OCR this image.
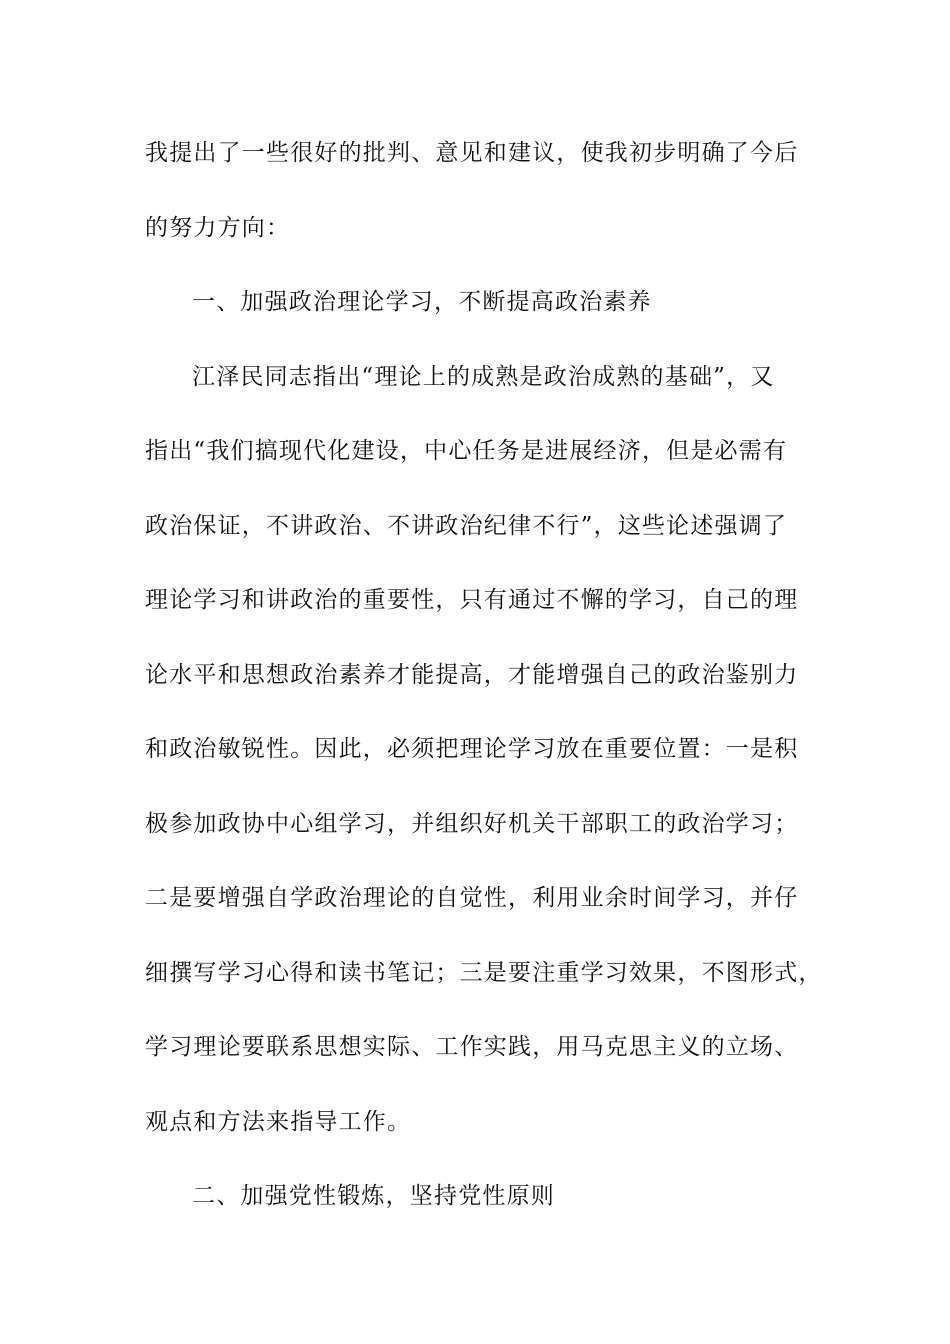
我提出了一些很好的批判、意见和建议，使我初步明确了今后
的努力方向：
一、加强政治理论学习，不断提高政治素养
江泽民同志指出“理论上的成熟是政治成熟的基础”，又
指出“我们搞现代化建设，中心任务是进展经济，但是必需有
政治保证，不讲政治、不讲政治纪律不行”，这些论述强调了
理论学习和讲政治的重要性，只有通过不懈的学习，自己的理
论水平和思想政治素养才能提高，才能增强自己的政治鉴别力
和政治敏锐性。因此，必须把理论学习放在重要位置：一是积
极参加政协中心组学习，并组织好机关干部职工的政治学习；
二是要增强自学政治理论的自觉性，利用业余时间学习，并仔
细撰写学习心得和读书笔记；三是要注重学习效果，不图形式，
学习理论要联系思想实际、工作实践，用马克思主义的立场、
观点和方法来指导工作。
二、加强党性锻炼，坚持党性原则
